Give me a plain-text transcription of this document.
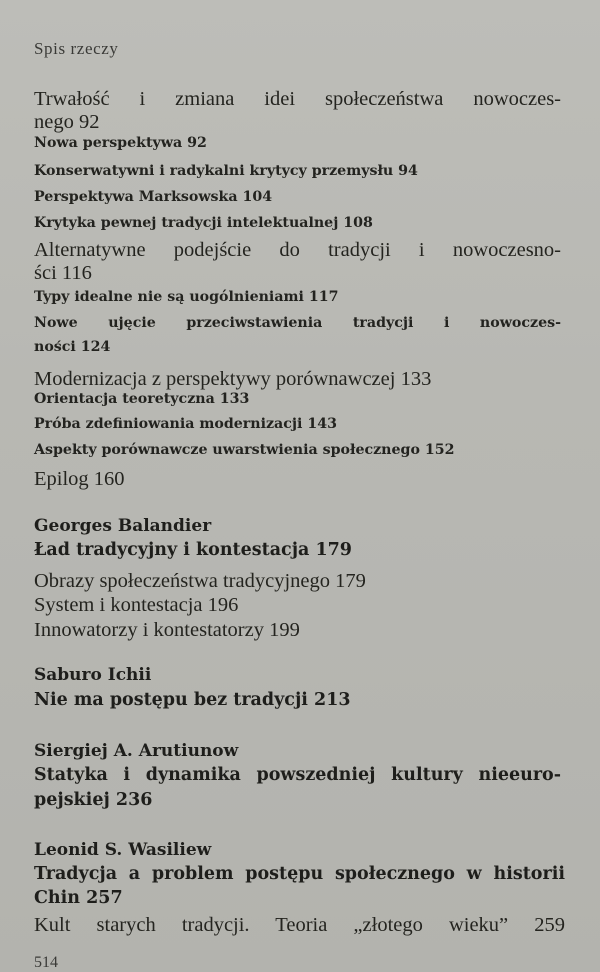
Spis rzeczy
Trwałość i zmiana idei społeczeństwa nowoczes-
nego 92
Nowa perspektywa 92
Konserwatywni i radykalni krytycy przemysłu 94
Perspektywa Marksowska 104
Krytyka pewnej tradycji intelektualnej 108
Alternatywne podejście do tradycji i nowoczesno-
ści 116
Typy idealne nie są uogólnieniami 117
Nowe ujęcie przeciwstawienia tradycji i nowoczes-
ności 124
Modernizacja z perspektywy porównawczej 133
Orientacja teoretyczna 133
Próba zdefiniowania modernizacji 143
Aspekty porównawcze uwarstwienia społecznego 152
Epilog 160
Georges Balandier
Ład tradycyjny i kontestacja 179
Obrazy społeczeństwa tradycyjnego 179
System i kontestacja 196
Innowatorzy i kontestatorzy 199
Saburo Ichii
Nie ma postępu bez tradycji 213
Siergiej A. Arutiunow
Statyka i dynamika powszedniej kultury nieeuro-
pejskiej 236
Leonid S. Wasiliew
Tradycja a problem postępu społecznego w historii
Chin 257
Kult starych tradycji. Teoria „złotego wieku” 259
514
